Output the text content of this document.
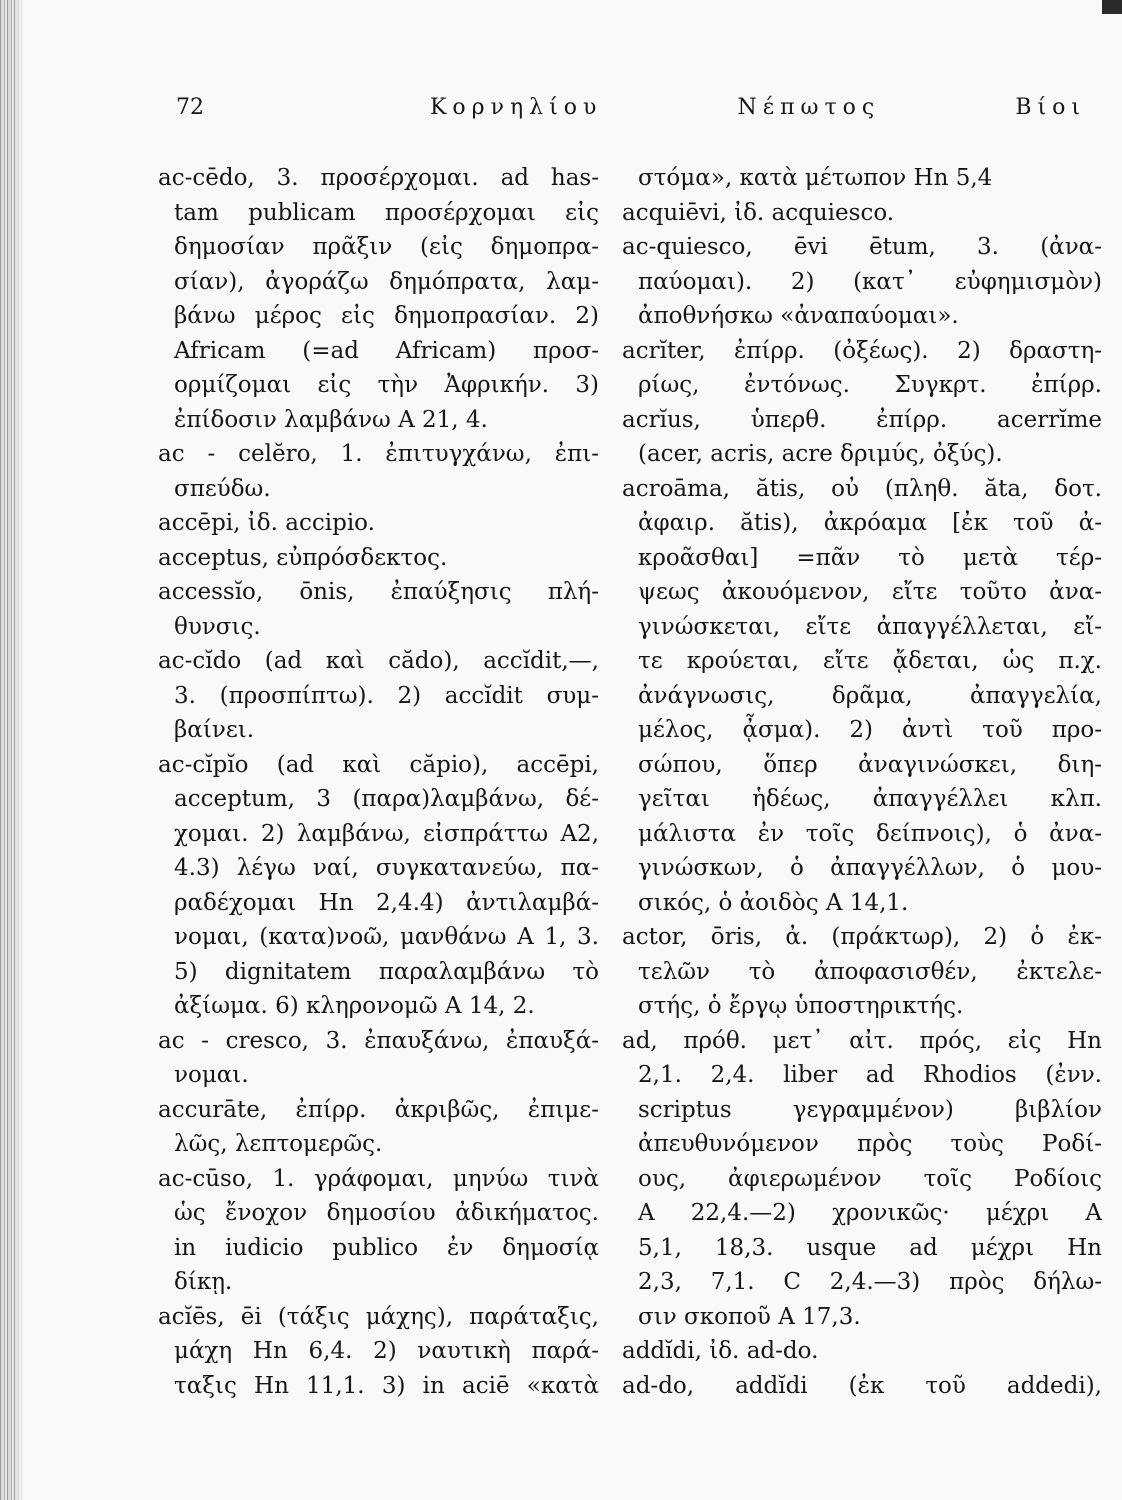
72	Κορνηλίου Νέπωτος Βίοι
ac-cēdo, 3. προσέρχομαι. ad has-
tam publicam προσέρχομαι εἰς
δημοσίαν πρᾶξιν (εἰς δημοπρα-
σίαν), ἀγοράζω δημόπρατα, λαμ-
βάνω μέρος εἰς δημοπρασίαν. 2)
Africam (=ad Africam) προσ-
ορμίζομαι εἰς τὴν Ἀφρικήν. 3)
ἐπίδοσιν λαμβάνω A 21, 4.
ac - celĕro, 1. ἐπιτυγχάνω, ἐπι-
σπεύδω.
accēpi, ἰδ. accipio.
acceptus, εὐπρόσδεκτος.
accessĭo, ōnis, ἐπαύξησις πλή-
θυνσις.
ac-cĭdo (ad καὶ cădo), accĭdit,—,
3. (προσπίπτω). 2) accĭdit συμ-
βαίνει.
ac-cĭpĭo (ad καὶ căpio), accēpi,
acceptum, 3 (παρα)λαμβάνω, δέ-
χομαι. 2) λαμβάνω, εἰσπράττω A2,
4.3) λέγω ναί, συγκατανεύω, πα-
ραδέχομαι Hn 2,4.4) ἀντιλαμβά-
νομαι, (κατα)νοῶ, μανθάνω A 1, 3.
5) dignitatem παραλαμβάνω τὸ
ἀξίωμα. 6) κληρονομῶ A 14, 2.
ac - cresco, 3. ἐπαυξάνω, ἐπαυξά-
νομαι.
accurāte, ἐπίρρ. ἀκριβῶς, ἐπιμε-
λῶς, λεπτομερῶς.
ac-cūso, 1. γράφομαι, μηνύω τινὰ
ὡς ἔνοχον δημοσίου ἀδικήματος.
in iudicio publico ἐν δημοσίᾳ
δίκῃ.
acĭēs, ēi (τάξις μάχης), παράταξις,
μάχη Hn 6,4. 2) ναυτικὴ παρά-
ταξις Hn 11,1. 3) in aciē «κατὰ
στόμα», κατὰ μέτωπον Hn 5,4
acquiēvi, ἰδ. acquiesco.
ac-quiesco, ēvi ētum, 3. (ἀνα-
παύομαι). 2) (κατ᾽ εὐφημισμὸν)
ἀποθνήσκω «ἀναπαύομαι».
acrĭter, ἐπίρρ. (ὀξέως). 2) δραστη-
ρίως, ἐντόνως. Συγκρτ. ἐπίρρ.
acrĭus, ὑπερθ. ἐπίρρ. acerrĭme
(acer, acris, acre δριμύς, ὀξύς).
acroāma, ătis, οὐ (πληθ. ăta, δοτ.
ἀφαιρ. ătis), ἀκρόαμα [ἐκ τοῦ ἀ-
κροᾶσθαι] =πᾶν τὸ μετὰ τέρ-
ψεως ἀκουόμενον, εἴτε τοῦτο ἀνα-
γινώσκεται, εἴτε ἀπαγγέλλεται, εἴ-
τε κρούεται, εἴτε ᾄδεται, ὡς π.χ.
ἀνάγνωσις, δρᾶμα, ἀπαγγελία,
μέλος, ᾆσμα). 2) ἀντὶ τοῦ προ-
σώπου, ὅπερ ἀναγινώσκει, διη-
γεῖται ἡδέως, ἀπαγγέλλει κλπ.
μάλιστα ἐν τοῖς δείπνοις), ὁ ἀνα-
γινώσκων, ὁ ἀπαγγέλλων, ὁ μου-
σικός, ὁ ἀοιδὸς A 14,1.
actor, ōris, ἀ. (πράκτωρ), 2) ὁ ἐκ-
τελῶν τὸ ἀποφασισθέν, ἐκτελε-
στής, ὁ ἔργῳ ὑποστηρικτής.
ad, πρόθ. μετ᾽ αἰτ. πρός, εἰς Hn
2,1. 2,4. liber ad Rhodios (ἐνν.
scriptus γεγραμμένον) βιβλίον
ἀπευθυνόμενον πρὸς τοὺς Ροδί-
ους, ἀφιερωμένον τοῖς Ροδίοις
A 22,4.—2) χρονικῶς· μέχρι A
5,1, 18,3. usque ad μέχρι Hn
2,3, 7,1. C 2,4.—3) πρὸς δήλω-
σιν σκοποῦ A 17,3.
addĭdi, ἰδ. ad-do.
ad-do, addĭdi (ἐκ τοῦ addedi),
